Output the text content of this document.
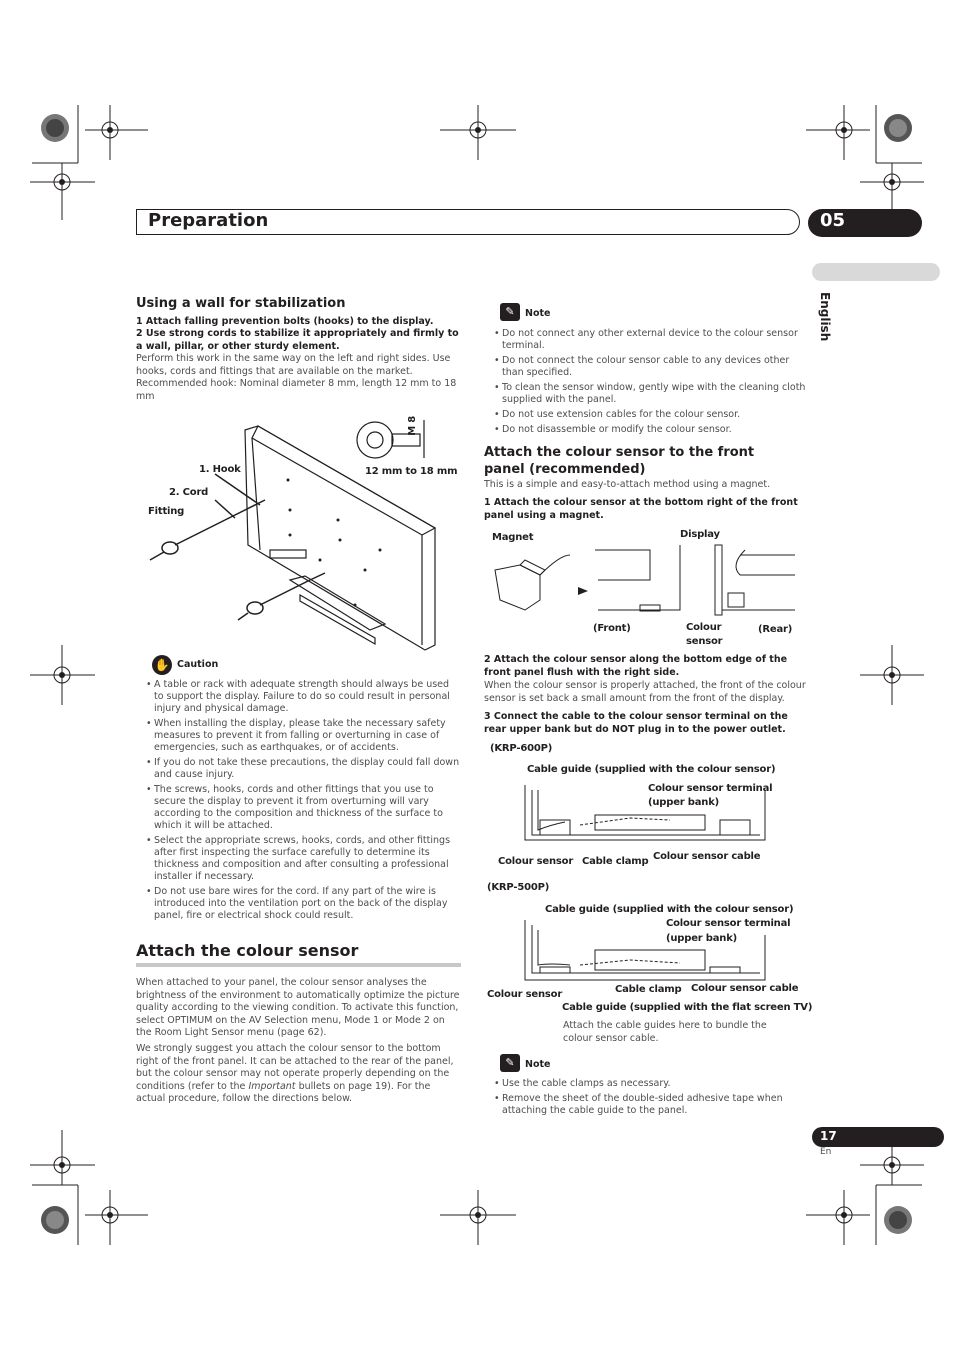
Preparation	05
English
Using a wall for stabilization
1 Attach falling prevention bolts (hooks) to the display.
2 Use strong cords to stabilize it appropriately and firmly to a wall, pillar, or other sturdy element.
Perform this work in the same way on the left and right sides. Use hooks, cords and fittings that are available on the market. Recommended hook: Nominal diameter 8 mm, length 12 mm to 18 mm
1. Hook
2. Cord
Fitting
M 8
12 mm to 18 mm
✋ Caution
• A table or rack with adequate strength should always be used to support the display. Failure to do so could result in personal injury and physical damage.
• When installing the display, please take the necessary safety measures to prevent it from falling or overturning in case of emergencies, such as earthquakes, or of accidents.
• If you do not take these precautions, the display could fall down and cause injury.
• The screws, hooks, cords and other fittings that you use to secure the display to prevent it from overturning will vary according to the composition and thickness of the surface to which it will be attached.
• Select the appropriate screws, hooks, cords, and other fittings after first inspecting the surface carefully to determine its thickness and composition and after consulting a professional installer if necessary.
• Do not use bare wires for the cord. If any part of the wire is introduced into the ventilation port on the back of the display panel, fire or electrical shock could result.
Attach the colour sensor
When attached to your panel, the colour sensor analyses the brightness of the environment to automatically optimize the picture quality according to the viewing condition. To activate this function, select OPTIMUM on the AV Selection menu, Mode 1 or Mode 2 on the Room Light Sensor menu (page 62).
We strongly suggest you attach the colour sensor to the bottom right of the front panel. It can be attached to the rear of the panel, but the colour sensor may not operate properly depending on the conditions (refer to the Important bullets on page 19). For the actual procedure, follow the directions below.
✎	Note
• Do not connect any other external device to the colour sensor terminal.
• Do not connect the colour sensor cable to any devices other than specified.
• To clean the sensor window, gently wipe with the cleaning cloth supplied with the panel.
• Do not use extension cables for the colour sensor.
• Do not disassemble or modify the colour sensor.
Attach the colour sensor to the front panel (recommended)
This is a simple and easy-to-attach method using a magnet.
1 Attach the colour sensor at the bottom right of the front panel using a magnet.
Magnet	Display
(Front)	Colour
sensor
(Rear)
2 Attach the colour sensor along the bottom edge of the front panel flush with the right side.
When the colour sensor is properly attached, the front of the colour sensor is set back a small amount from the front of the display.
3 Connect the cable to the colour sensor terminal on the rear upper bank but do NOT plug in to the power outlet.
(KRP-600P)
Cable guide (supplied with the colour sensor)
Colour sensor terminal
(upper bank)
Colour sensor Cable clamp Colour sensor cable
(KRP-500P)
Cable guide (supplied with the colour sensor)
Colour sensor terminal
(upper bank)
Colour sensor	Cable clamp Colour sensor cable
Cable guide (supplied with the flat screen TV)
Attach the cable guides here to bundle the colour sensor cable.
✎	Note
• Use the cable clamps as necessary.
• Remove the sheet of the double-sided adhesive tape when attaching the cable guide to the panel.
17
En
